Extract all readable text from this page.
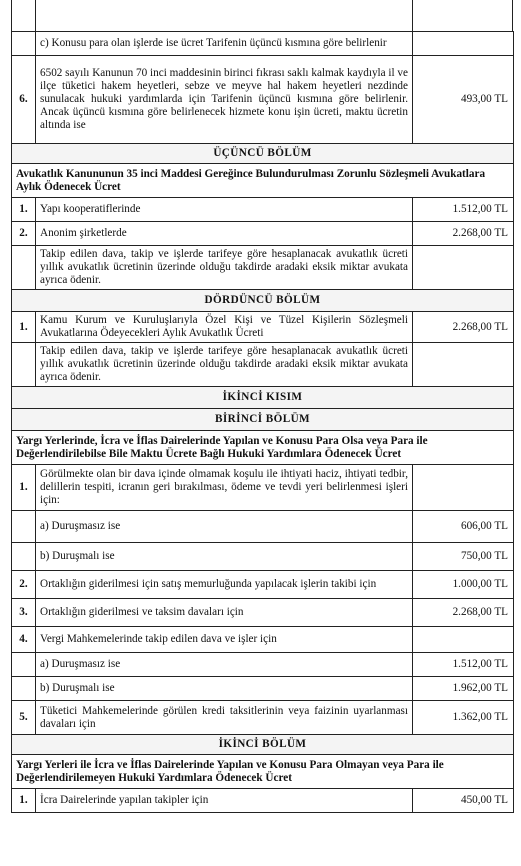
	c) Konusu para olan işlerde ise ücret Tarifenin üçüncü kısmına göre belirlenir	
6.	6502 sayılı Kanunun 70 inci maddesinin birinci fıkrası saklı kalmak kaydıyla il ve ilçe tüketici hakem heyetleri, sebze ve meyve hal hakem heyetleri nezdinde sunulacak hukuki yardımlarda için Tarifenin üçüncü kısmına göre belirlenir. Ancak üçüncü kısmına göre belirlenecek hizmete konu işin ücreti, maktu ücretin altında ise	493,00 TL
ÜÇÜNCÜ BÖLÜM		
Avukatlık Kanununun 35 inci Maddesi Gereğince Bulundurulması Zorunlu Sözleşmeli Avukatlara Aylık Ödenecek Ücret		
1.	Yapı kooperatiflerinde	1.512,00 TL
2.	Anonim şirketlerde	2.268,00 TL
	Takip edilen dava, takip ve işlerde tarifeye göre hesaplanacak avukatlık ücreti yıllık avukatlık ücretinin üzerinde olduğu takdirde aradaki eksik miktar avukata ayrıca ödenir.	
DÖRDÜNCÜ BÖLÜM		
1.	Kamu Kurum ve Kuruluşlarıyla Özel Kişi ve Tüzel Kişilerin Sözleşmeli Avukatlarına Ödeyecekleri Aylık Avukatlık Ücreti	2.268,00 TL
	Takip edilen dava, takip ve işlerde tarifeye göre hesaplanacak avukatlık ücreti yıllık avukatlık ücretinin üzerinde olduğu takdirde aradaki eksik miktar avukata ayrıca ödenir.	
İKİNCİ KISIM		
BİRİNCİ BÖLÜM		
Yargı Yerlerinde, İcra ve İflas Dairelerinde Yapılan ve Konusu Para Olsa veya Para ile Değerlendirilebilse Bile Maktu Ücrete Bağlı Hukuki Yardımlara Ödenecek Ücret		
1.	Görülmekte olan bir dava içinde olmamak koşulu ile ihtiyati haciz, ihtiyati tedbir, delillerin tespiti, icranın geri bırakılması, ödeme ve tevdi yeri belirlenmesi işleri için:	
	a) Duruşmasız ise	606,00 TL
	b) Duruşmalı ise	750,00 TL
2.	Ortaklığın giderilmesi için satış memurluğunda yapılacak işlerin takibi için	1.000,00 TL
3.	Ortaklığın giderilmesi ve taksim davaları için	2.268,00 TL
4.	Vergi Mahkemelerinde takip edilen dava ve işler için	
	a) Duruşmasız ise	1.512,00 TL
	b) Duruşmalı ise	1.962,00 TL
5.	Tüketici Mahkemelerinde görülen kredi taksitlerinin veya faizinin uyarlanması davaları için	1.362,00 TL
İKİNCİ BÖLÜM		
Yargı Yerleri ile İcra ve İflas Dairelerinde Yapılan ve Konusu Para Olmayan veya Para ile Değerlendirilemeyen Hukuki Yardımlara Ödenecek Ücret		
1.	İcra Dairelerinde yapılan takipler için	450,00 TL
